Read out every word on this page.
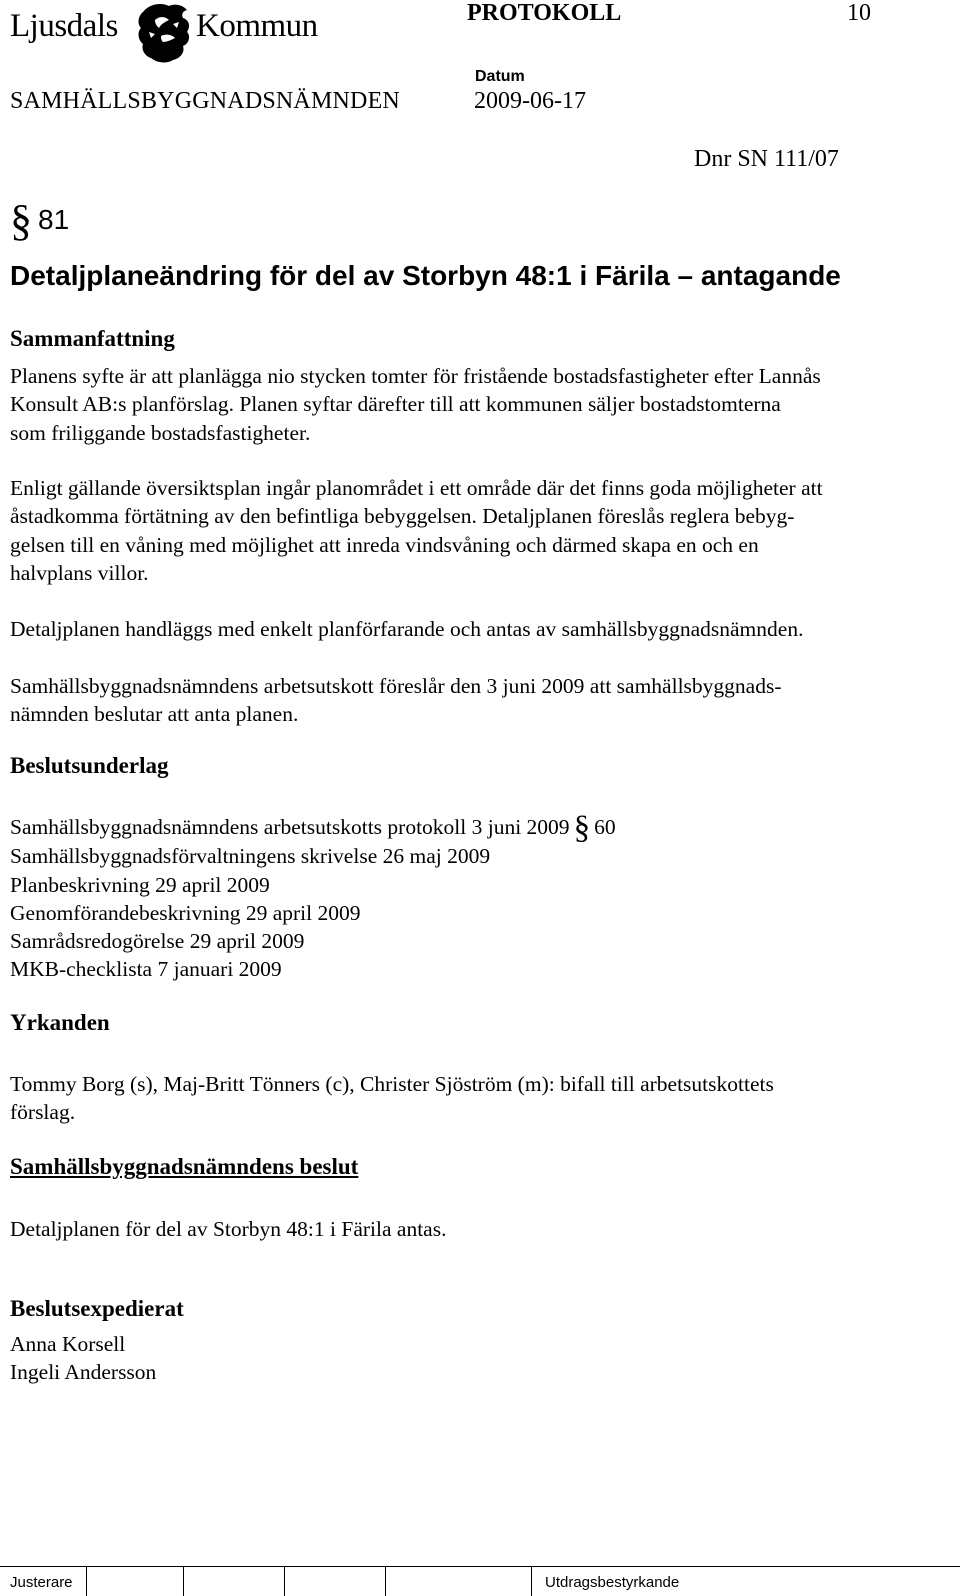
Ljusdals Kommun	PROTOKOLL	10
SAMHÄLLSBYGGNADSNÄMNDEN
Datum
2009-06-17
Dnr SN 111/07
§ 81
Detaljplaneändring för del av Storbyn 48:1 i Färila – antagande
Sammanfattning
Planens syfte är att planlägga nio stycken tomter för fristående bostadsfastigheter efter Lannås
Konsult AB:s planförslag. Planen syftar därefter till att kommunen säljer bostadstomterna
som friliggande bostadsfastigheter.
Enligt gällande översiktsplan ingår planområdet i ett område där det finns goda möjligheter att
åstadkomma förtätning av den befintliga bebyggelsen. Detaljplanen föreslås reglera bebyg-
gelsen till en våning med möjlighet att inreda vindsvåning och därmed skapa en och en
halvplans villor.
Detaljplanen handläggs med enkelt planförfarande och antas av samhällsbyggnadsnämnden.
Samhällsbyggnadsnämndens arbetsutskott föreslår den 3 juni 2009 att samhällsbyggnads-
nämnden beslutar att anta planen.
Beslutsunderlag
Samhällsbyggnadsnämndens arbetsutskotts protokoll 3 juni 2009 § 60
Samhällsbyggnadsförvaltningens skrivelse 26 maj 2009
Planbeskrivning 29 april 2009
Genomförandebeskrivning 29 april 2009
Samrådsredogörelse 29 april 2009
MKB-checklista 7 januari 2009
Yrkanden
Tommy Borg (s), Maj-Britt Tönners (c), Christer Sjöström (m): bifall till arbetsutskottets
förslag.
Samhällsbyggnadsnämndens beslut
Detaljplanen för del av Storbyn 48:1 i Färila antas.
Beslutsexpedierat
Anna Korsell
Ingeli Andersson
Justerare	Utdragsbestyrkande
